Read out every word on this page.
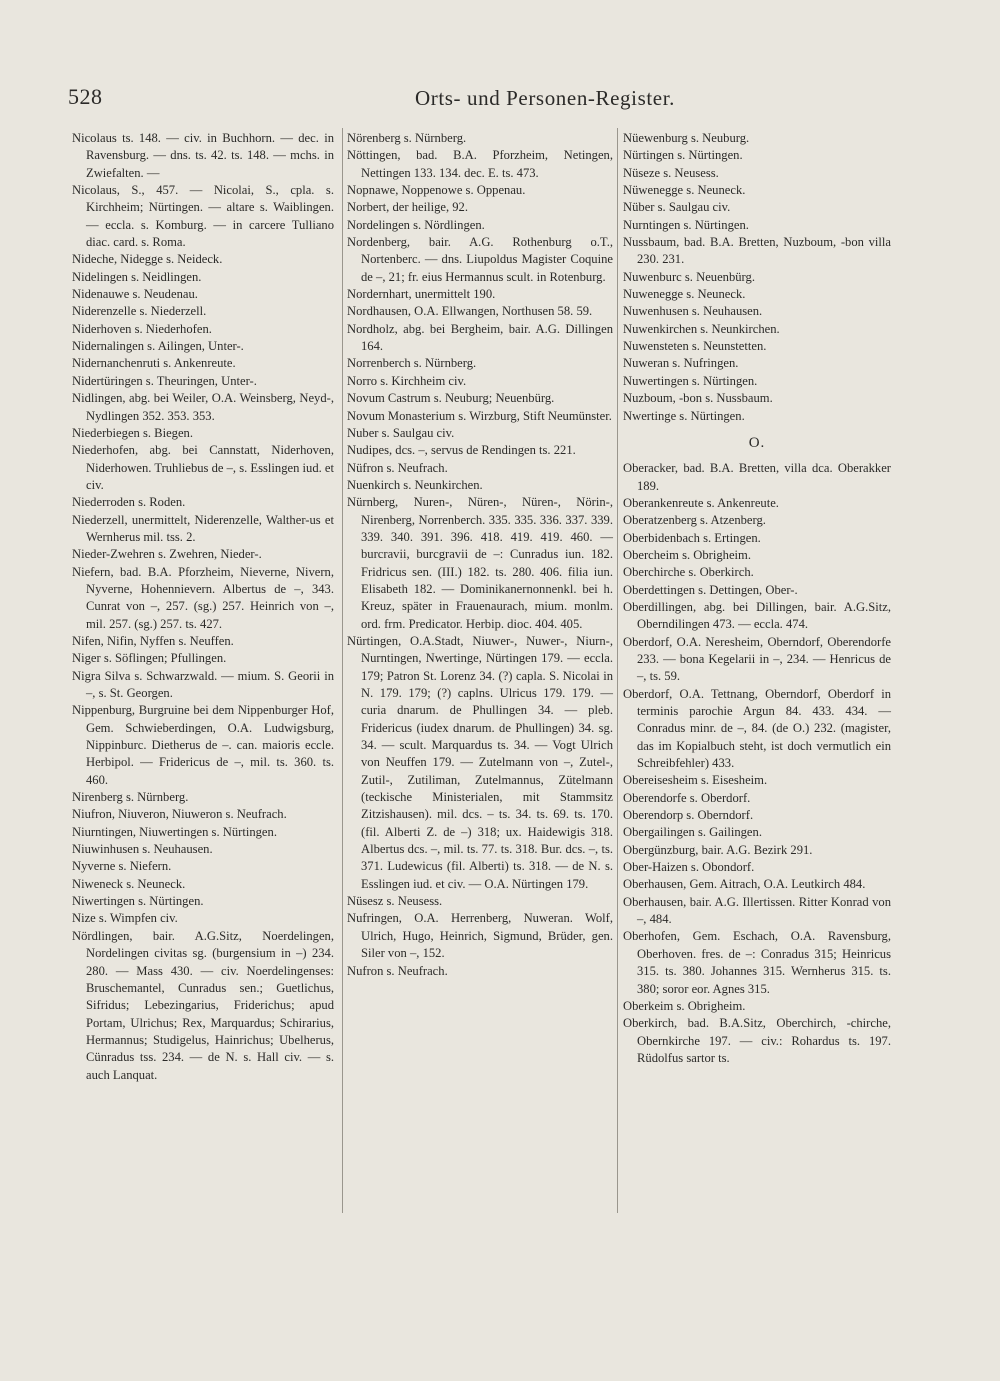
528	Orts- und Personen-Register.

Nicolaus ts. 148. — civ. in Buchhorn. — dec. in Ravensburg. — dns. ts. 42. ts. 148. — mchs. in Zwiefalten. —

Nicolaus, S., 457. — Nicolai, S., cpla. s. Kirchheim; Nürtingen. — altare s. Waiblingen. — eccla. s. Komburg. — in carcere Tulliano diac. card. s. Roma.

Nideche, Nidegge s. Neideck.

Nidelingen s. Neidlingen.

Nidenauwe s. Neudenau.

Niderenzelle s. Niederzell.

Niderhoven s. Niederhofen.

Nidernalingen s. Ailingen, Unter-.

Nidernanchenruti s. Ankenreute.

Nidertüringen s. Theuringen, Unter-.

Nidlingen, abg. bei Weiler, O.A. Weinsberg, Neyd-, Nydlingen 352. 353. 353.

Niederbiegen s. Biegen.

Niederhofen, abg. bei Cannstatt, Niderhoven, Niderhowen. Truhliebus de –, s. Esslingen iud. et civ.

Niederroden s. Roden.

Niederzell, unermittelt, Niderenzelle, Walther-us et Wernherus mil. tss. 2.

Nieder-Zwehren s. Zwehren, Nieder-.

Niefern, bad. B.A. Pforzheim, Nieverne, Nivern, Nyverne, Hohennievern. Albertus de –, 343. Cunrat von –, 257. (sg.) 257. Heinrich von –, mil. 257. (sg.) 257. ts. 427.

Nifen, Nifin, Nyffen s. Neuffen.

Niger s. Söflingen; Pfullingen.

Nigra Silva s. Schwarzwald. — mium. S. Georii in –, s. St. Georgen.

Nippenburg, Burgruine bei dem Nippenburger Hof, Gem. Schwieberdingen, O.A. Ludwigsburg, Nippinburc. Dietherus de –. can. maioris eccle. Herbipol. — Fridericus de –, mil. ts. 360. ts. 460.

Nirenberg s. Nürnberg.

Niufron, Niuveron, Niuweron s. Neufrach.

Niurntingen, Niuwertingen s. Nürtingen.

Niuwinhusen s. Neuhausen.

Nyverne s. Niefern.

Niweneck s. Neuneck.

Niwertingen s. Nürtingen.

Nize s. Wimpfen civ.

Nördlingen, bair. A.G.Sitz, Noerdelingen, Nordelingen civitas sg. (burgensium in –) 234. 280. — Mass 430. — civ. Noerdelingenses: Bruschemantel, Cunradus sen.; Guetlichus, Sifridus; Lebezingarius, Friderichus; apud Portam, Ulrichus; Rex, Marquardus; Schirarius, Hermannus; Studigelus, Hainrichus; Ubelherus, Cünradus tss. 234. — de N. s. Hall civ. — s. auch Lanquat.

Nörenberg s. Nürnberg.

Nöttingen, bad. B.A. Pforzheim, Netingen, Nettingen 133. 134. dec. E. ts. 473.

Nopnawe, Noppenowe s. Oppenau.

Norbert, der heilige, 92.

Nordelingen s. Nördlingen.

Nordenberg, bair. A.G. Rothenburg o.T., Nortenberc. — dns. Liupoldus Magister Coquine de –, 21; fr. eius Hermannus scult. in Rotenburg.

Nordernhart, unermittelt 190.

Nordhausen, O.A. Ellwangen, Northusen 58. 59.

Nordholz, abg. bei Bergheim, bair. A.G. Dillingen 164.

Norrenberch s. Nürnberg.

Norro s. Kirchheim civ.

Novum Castrum s. Neuburg; Neuenbürg.

Novum Monasterium s. Wirzburg, Stift Neumünster.

Nuber s. Saulgau civ.

Nudipes, dcs. –, servus de Rendingen ts. 221.

Nüfron s. Neufrach.

Nuenkirch s. Neunkirchen.

Nürnberg, Nuren-, Nüren-, Nüren-, Nörin-, Nirenberg, Norrenberch. 335. 335. 336. 337. 339. 339. 340. 391. 396. 418. 419. 419. 460. — burcravii, burcgravii de –: Cunradus iun. 182. Fridricus sen. (III.) 182. ts. 280. 406. filia iun. Elisabeth 182. — Dominikanernonnenkl. bei h. Kreuz, später in Frauenaurach, mium. monlm. ord. frm. Predicator. Herbip. dioc. 404. 405.

Nürtingen, O.A.Stadt, Niuwer-, Nuwer-, Niurn-, Nurntingen, Nwertinge, Nürtingen 179. — eccla. 179; Patron St. Lorenz 34. (?) capla. S. Nicolai in N. 179. 179; (?) caplns. Ulricus 179. 179. — curia dnarum. de Phullingen 34. — pleb. Fridericus (iudex dnarum. de Phullingen) 34. sg. 34. — scult. Marquardus ts. 34. — Vogt Ulrich von Neuffen 179. — Zutelmann von –, Zutel-, Zutil-, Zutiliman, Zutelmannus, Zütelmann (teckische Ministerialen, mit Stammsitz Zitzishausen). mil. dcs. – ts. 34. ts. 69. ts. 170. (fil. Alberti Z. de –) 318; ux. Haidewigis 318. Albertus dcs. –, mil. ts. 77. ts. 318. Bur. dcs. –, ts. 371. Ludewicus (fil. Alberti) ts. 318. — de N. s. Esslingen iud. et civ. — O.A. Nürtingen 179.

Nüsesz s. Neusess.

Nufringen, O.A. Herrenberg, Nuweran. Wolf, Ulrich, Hugo, Heinrich, Sigmund, Brüder, gen. Siler von –, 152.

Nufron s. Neufrach.

Nüewenburg s. Neuburg.

Nürtingen s. Nürtingen.

Nüseze s. Neusess.

Nüwenegge s. Neuneck.

Nüber s. Saulgau civ.

Nurntingen s. Nürtingen.

Nussbaum, bad. B.A. Bretten, Nuzboum, -bon villa 230. 231.

Nuwenburc s. Neuenbürg.

Nuwenegge s. Neuneck.

Nuwenhusen s. Neuhausen.

Nuwenkirchen s. Neunkirchen.

Nuwensteten s. Neunstetten.

Nuweran s. Nufringen.

Nuwertingen s. Nürtingen.

Nuzboum, -bon s. Nussbaum.

Nwertinge s. Nürtingen.

O.

Oberacker, bad. B.A. Bretten, villa dca. Oberakker 189.

Oberankenreute s. Ankenreute.

Oberatzenberg s. Atzenberg.

Oberbidenbach s. Ertingen.

Obercheim s. Obrigheim.

Oberchirche s. Oberkirch.

Oberdettingen s. Dettingen, Ober-.

Oberdillingen, abg. bei Dillingen, bair. A.G.Sitz, Oberndilingen 473. — eccla. 474.

Oberdorf, O.A. Neresheim, Oberndorf, Oberendorfe 233. — bona Kegelarii in –, 234. — Henricus de –, ts. 59.

Oberdorf, O.A. Tettnang, Oberndorf, Oberdorf in terminis parochie Argun 84. 433. 434. — Conradus minr. de –, 84. (de O.) 232. (magister, das im Kopialbuch steht, ist doch vermutlich ein Schreibfehler) 433.

Obereisesheim s. Eisesheim.

Oberendorfe s. Oberdorf.

Oberendorp s. Oberndorf.

Obergailingen s. Gailingen.

Obergünzburg, bair. A.G. Bezirk 291.

Ober-Haizen s. Obondorf.

Oberhausen, Gem. Aitrach, O.A. Leutkirch 484.

Oberhausen, bair. A.G. Illertissen. Ritter Konrad von –, 484.

Oberhofen, Gem. Eschach, O.A. Ravensburg, Oberhoven. fres. de –: Conradus 315; Heinricus 315. ts. 380. Johannes 315. Wernherus 315. ts. 380; soror eor. Agnes 315.

Oberkeim s. Obrigheim.

Oberkirch, bad. B.A.Sitz, Oberchirch, -chirche, Obernkirche 197. — civ.: Rohardus ts. 197. Rüdolfus sartor ts.
